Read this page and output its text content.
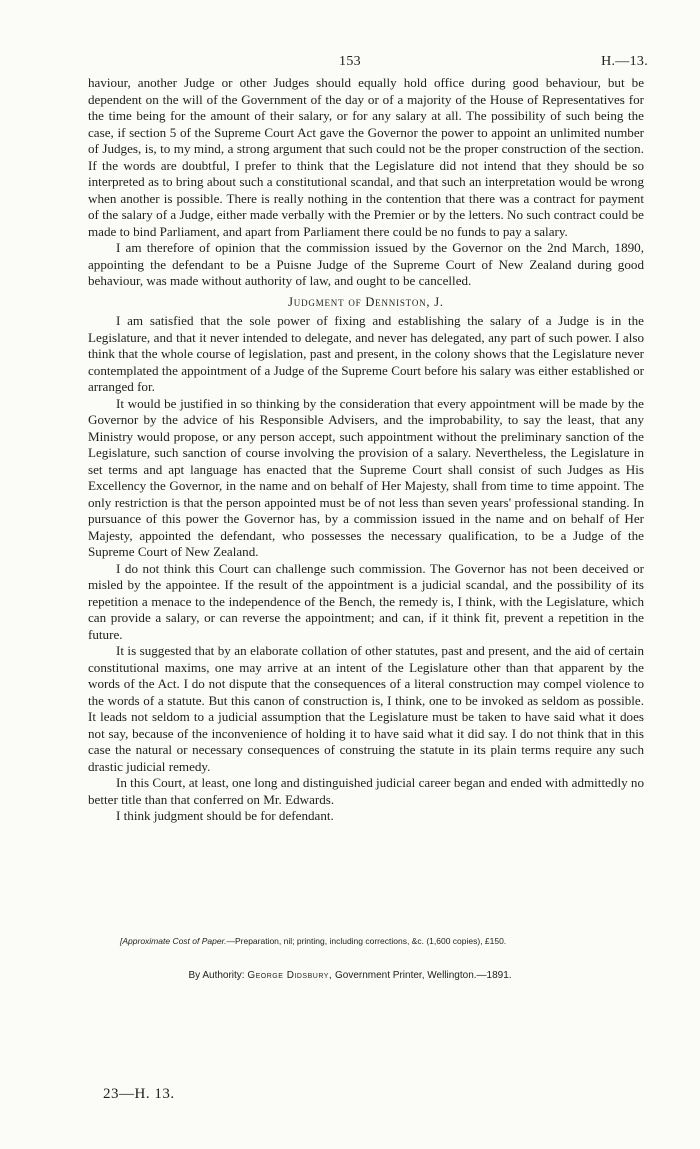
153	H.—13.

haviour, another Judge or other Judges should equally hold office during good behaviour, but be dependent on the will of the Government of the day or of a majority of the House of Representatives for the time being for the amount of their salary, or for any salary at all. The possibility of such being the case, if section 5 of the Supreme Court Act gave the Governor the power to appoint an unlimited number of Judges, is, to my mind, a strong argument that such could not be the proper construction of the section. If the words are doubtful, I prefer to think that the Legislature did not intend that they should be so interpreted as to bring about such a constitutional scandal, and that such an interpretation would be wrong when another is possible. There is really nothing in the contention that there was a contract for payment of the salary of a Judge, either made verbally with the Premier or by the letters. No such contract could be made to bind Parliament, and apart from Parliament there could be no funds to pay a salary.

I am therefore of opinion that the commission issued by the Governor on the 2nd March, 1890, appointing the defendant to be a Puisne Judge of the Supreme Court of New Zealand during good behaviour, was made without authority of law, and ought to be cancelled.

Judgment of Denniston, J.

I am satisfied that the sole power of fixing and establishing the salary of a Judge is in the Legislature, and that it never intended to delegate, and never has delegated, any part of such power. I also think that the whole course of legislation, past and present, in the colony shows that the Legislature never contemplated the appointment of a Judge of the Supreme Court before his salary was either established or arranged for.

It would be justified in so thinking by the consideration that every appointment will be made by the Governor by the advice of his Responsible Advisers, and the improbability, to say the least, that any Ministry would propose, or any person accept, such appointment without the preliminary sanction of the Legislature, such sanction of course involving the provision of a salary. Nevertheless, the Legislature in set terms and apt language has enacted that the Supreme Court shall consist of such Judges as His Excellency the Governor, in the name and on behalf of Her Majesty, shall from time to time appoint. The only restriction is that the person appointed must be of not less than seven years' professional standing. In pursuance of this power the Governor has, by a commission issued in the name and on behalf of Her Majesty, appointed the defendant, who possesses the necessary qualification, to be a Judge of the Supreme Court of New Zealand.

I do not think this Court can challenge such commission. The Governor has not been deceived or misled by the appointee. If the result of the appointment is a judicial scandal, and the possibility of its repetition a menace to the independence of the Bench, the remedy is, I think, with the Legislature, which can provide a salary, or can reverse the appointment; and can, if it think fit, prevent a repetition in the future.

It is suggested that by an elaborate collation of other statutes, past and present, and the aid of certain constitutional maxims, one may arrive at an intent of the Legislature other than that apparent by the words of the Act. I do not dispute that the consequences of a literal construction may compel violence to the words of a statute. But this canon of construction is, I think, one to be invoked as seldom as possible. It leads not seldom to a judicial assumption that the Legislature must be taken to have said what it does not say, because of the inconvenience of holding it to have said what it did say. I do not think that in this case the natural or necessary consequences of construing the statute in its plain terms require any such drastic judicial remedy.

In this Court, at least, one long and distinguished judicial career began and ended with admittedly no better title than that conferred on Mr. Edwards.

I think judgment should be for defendant.

[Approximate Cost of Paper.—Preparation, nil; printing, including corrections, &c. (1,600 copies), £150.
By Authority: George Didsbury, Government Printer, Wellington.—1891.
23—H. 13.
